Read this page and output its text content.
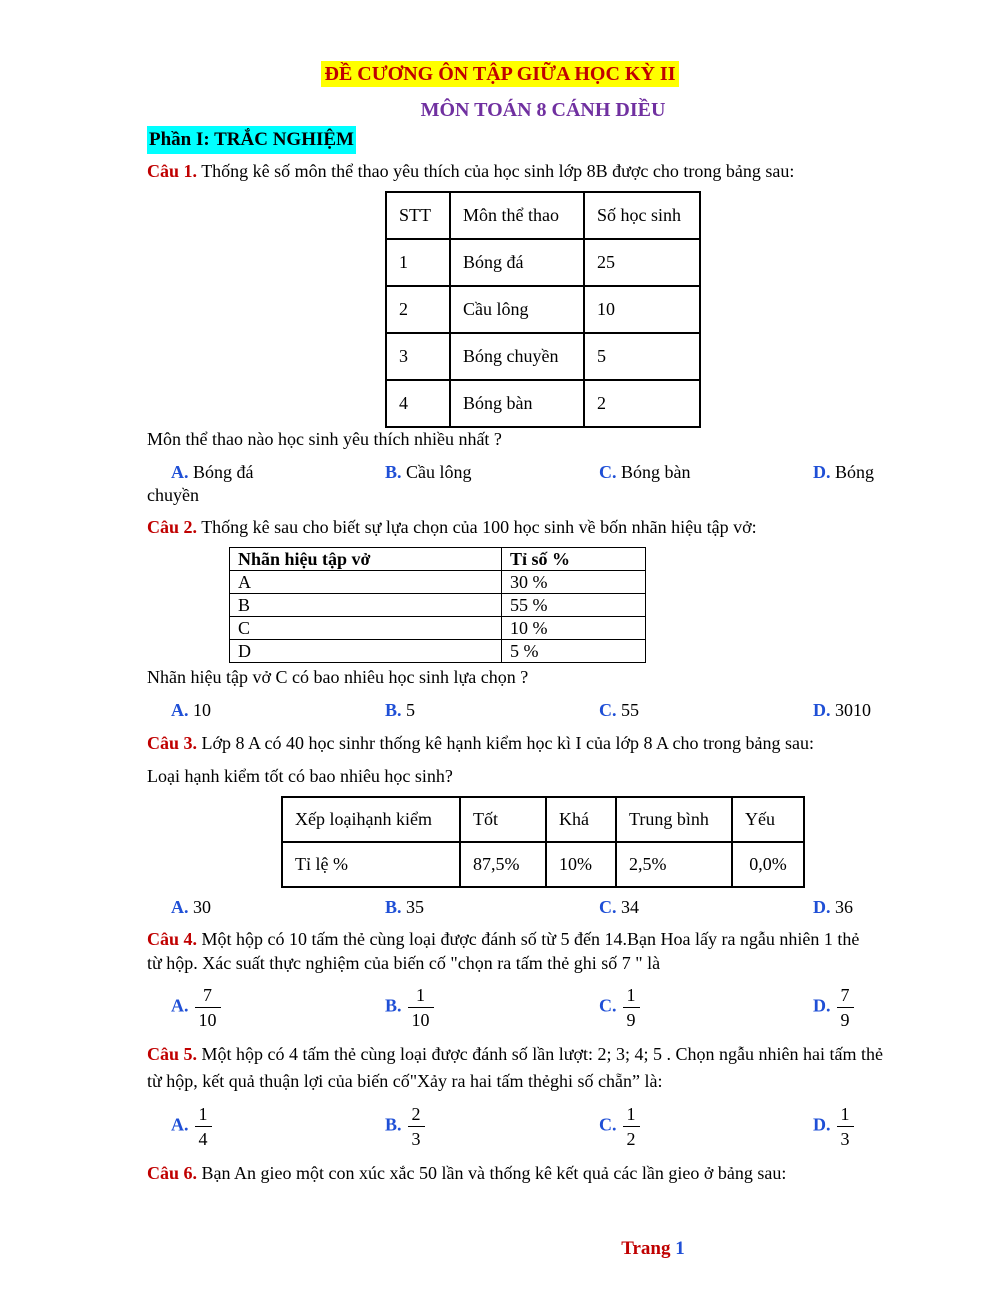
ĐỀ CƯƠNG ÔN TẬP GIỮA HỌC KỲ II
MÔN TOÁN 8 CÁNH DIỀU
Phần I: TRẮC NGHIỆM
Câu 1. Thống kê số môn thể thao yêu thích của học sinh lớp 8B được cho trong bảng sau:
STT	Môn thể thao	Số học sinh
1	Bóng đá	25
2	Cầu lông	10
3	Bóng chuyền	5
4	Bóng bàn	2
Môn thể thao nào học sinh yêu thích nhiều nhất ?
A. Bóng đá	B. Cầu lông	C. Bóng bàn	D. Bóng
chuyền
Câu 2. Thống kê sau cho biết sự lựa chọn của 100 học sinh về bốn nhãn hiệu tập vở:
Nhãn hiệu tập vở	Tỉ số %
A	30 %
B	55 %
C	10 %
D	5 %
Nhãn hiệu tập vở C có bao nhiêu học sinh lựa chọn ?
A. 10	B. 5	C. 55	D. 3010
Câu 3. Lớp 8 A có 40 học sinhr thống kê hạnh kiểm học kì I của lớp 8 A cho trong bảng sau:
Loại hạnh kiểm tốt có bao nhiêu học sinh?
Xếp loạihạnh kiểm	Tốt	Khá	Trung bình	Yếu
Tỉ lệ %	87,5%	10%	2,5%	0,0%
A. 30	B. 35	C. 34	D. 36
Câu 4. Một hộp có 10 tấm thẻ cùng loại được đánh số từ 5 đến 14.Bạn Hoa lấy ra ngẫu nhiên 1 thẻ
từ hộp. Xác suất thực nghiệm của biến cố "chọn ra tấm thẻ ghi số 7 " là
A. $\frac{7}{10}$	B. $\frac{1}{10}$	C. $\frac{1}{9}$	D. $\frac{7}{9}$
Câu 5. Một hộp có 4 tấm thẻ cùng loại được đánh số lần lượt: 2; 3; 4; 5 . Chọn ngẫu nhiên hai tấm thẻ
từ hộp, kết quả thuận lợi của biến cố"Xảy ra hai tấm thẻghi số chẵn” là:
A. $\frac{1}{4}$	B. $\frac{2}{3}$	C. $\frac{1}{2}$	D. $\frac{1}{3}$
Câu 6. Bạn An gieo một con xúc xắc 50 lần và thống kê kết quả các lần gieo ở bảng sau:
Trang 1
